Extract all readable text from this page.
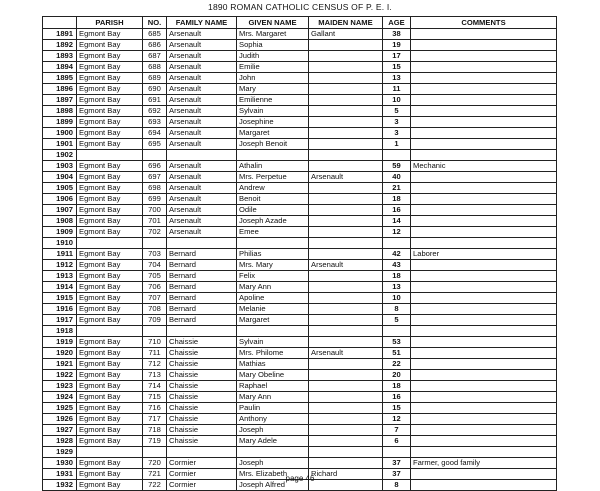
1890 ROMAN CATHOLIC CENSUS OF P. E. I.
	PARISH	NO.	FAMILY NAME	GIVEN NAME	MAIDEN NAME	AGE	COMMENTS
1891	Egmont Bay	685	Arsenault	Mrs. Margaret	Gallant	38	
1892	Egmont Bay	686	Arsenault	Sophia		19	
1893	Egmont Bay	687	Arsenault	Judith		17	
1894	Egmont Bay	688	Arsenault	Emilie		15	
1895	Egmont Bay	689	Arsenault	John		13	
1896	Egmont Bay	690	Arsenault	Mary		11	
1897	Egmont Bay	691	Arsenault	Emilienne		10	
1898	Egmont Bay	692	Arsenault	Sylvain		5	
1899	Egmont Bay	693	Arsenault	Josephine		3	
1900	Egmont Bay	694	Arsenault	Margaret		3	
1901	Egmont Bay	695	Arsenault	Joseph Benoit		1	
1902							
1903	Egmont Bay	696	Arsenault	Athalin		59	Mechanic
1904	Egmont Bay	697	Arsenault	Mrs. Perpetue	Arsenault	40	
1905	Egmont Bay	698	Arsenault	Andrew		21	
1906	Egmont Bay	699	Arsenault	Benoit		18	
1907	Egmont Bay	700	Arsenault	Odile		16	
1908	Egmont Bay	701	Arsenault	Joseph Azade		14	
1909	Egmont Bay	702	Arsenault	Emee		12	
1910							
1911	Egmont Bay	703	Bernard	Philias		42	Laborer
1912	Egmont Bay	704	Bernard	Mrs. Mary	Arsenault	43	
1913	Egmont Bay	705	Bernard	Felix		18	
1914	Egmont Bay	706	Bernard	Mary Ann		13	
1915	Egmont Bay	707	Bernard	Apoline		10	
1916	Egmont Bay	708	Bernard	Melanie		8	
1917	Egmont Bay	709	Bernard	Margaret		5	
1918							
1919	Egmont Bay	710	Chaissie	Sylvain		53	
1920	Egmont Bay	711	Chaissie	Mrs. Philome	Arsenault	51	
1921	Egmont Bay	712	Chaissie	Mathias		22	
1922	Egmont Bay	713	Chaissie	Mary Obeline		20	
1923	Egmont Bay	714	Chaissie	Raphael		18	
1924	Egmont Bay	715	Chaissie	Mary Ann		16	
1925	Egmont Bay	716	Chaissie	Paulin		15	
1926	Egmont Bay	717	Chaissie	Anthony		12	
1927	Egmont Bay	718	Chaissie	Joseph		7	
1928	Egmont Bay	719	Chaissie	Mary Adele		6	
1929							
1930	Egmont Bay	720	Cormier	Joseph		37	Farmer, good family
1931	Egmont Bay	721	Cormier	Mrs. Elizabeth	Richard	37	
1932	Egmont Bay	722	Cormier	Joseph Alfred		8	
page 46
